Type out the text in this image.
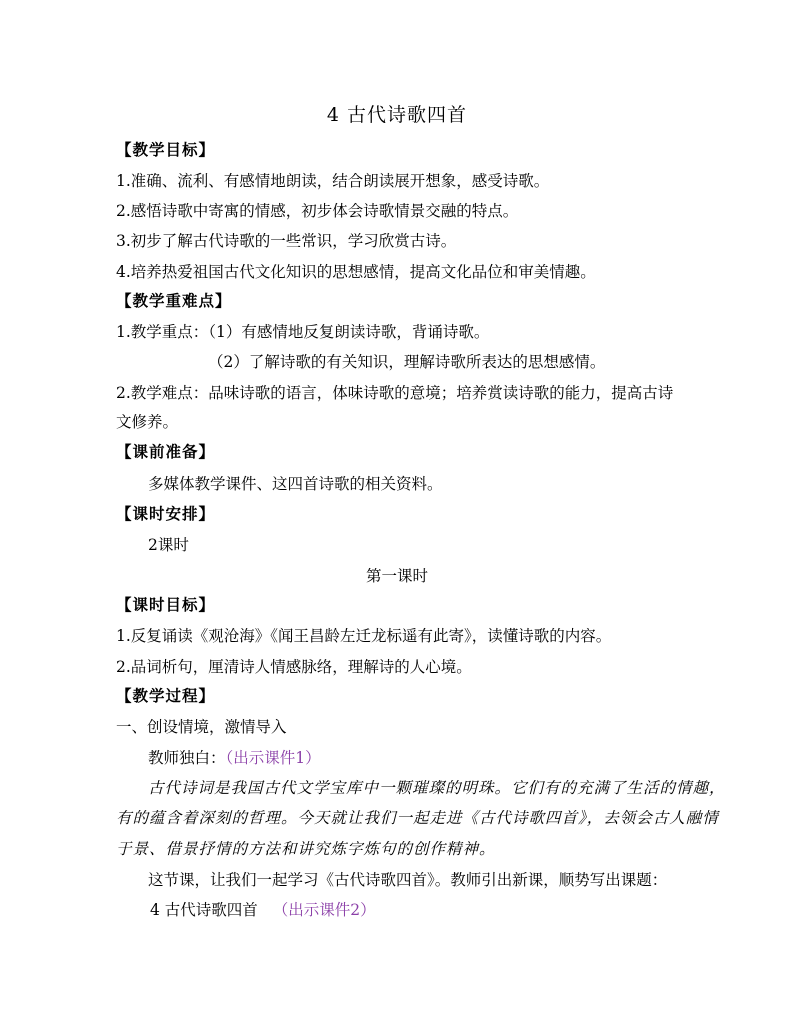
4 古代诗歌四首
【教学目标】
1.准确、流利、有感情地朗读，结合朗读展开想象，感受诗歌。
2.感悟诗歌中寄寓的情感，初步体会诗歌情景交融的特点。
3.初步了解古代诗歌的一些常识，学习欣赏古诗。
4.培养热爱祖国古代文化知识的思想感情，提高文化品位和审美情趣。
【教学重难点】
1.教学重点：（1）有感情地反复朗读诗歌，背诵诗歌。
（2）了解诗歌的有关知识，理解诗歌所表达的思想感情。
2.教学难点：品味诗歌的语言，体味诗歌的意境；培养赏读诗歌的能力，提高古诗
文修养。
【课前准备】
多媒体教学课件、这四首诗歌的相关资料。
【课时安排】
2课时
第一课时
【课时目标】
1.反复诵读《观沧海》《闻王昌龄左迁龙标遥有此寄》，读懂诗歌的内容。
2.品词析句，厘清诗人情感脉络，理解诗的人心境。
【教学过程】
一、创设情境，激情导入
教师独白：（出示课件1）
古代诗词是我国古代文学宝库中一颗璀璨的明珠。它们有的充满了生活的情趣，
有的蕴含着深刻的哲理。今天就让我们一起走进《古代诗歌四首》，去领会古人融情
于景、借景抒情的方法和讲究炼字炼句的创作精神。
这节课，让我们一起学习《古代诗歌四首》。教师引出新课，顺势写出课题：
4 古代诗歌四首 （出示课件2）
